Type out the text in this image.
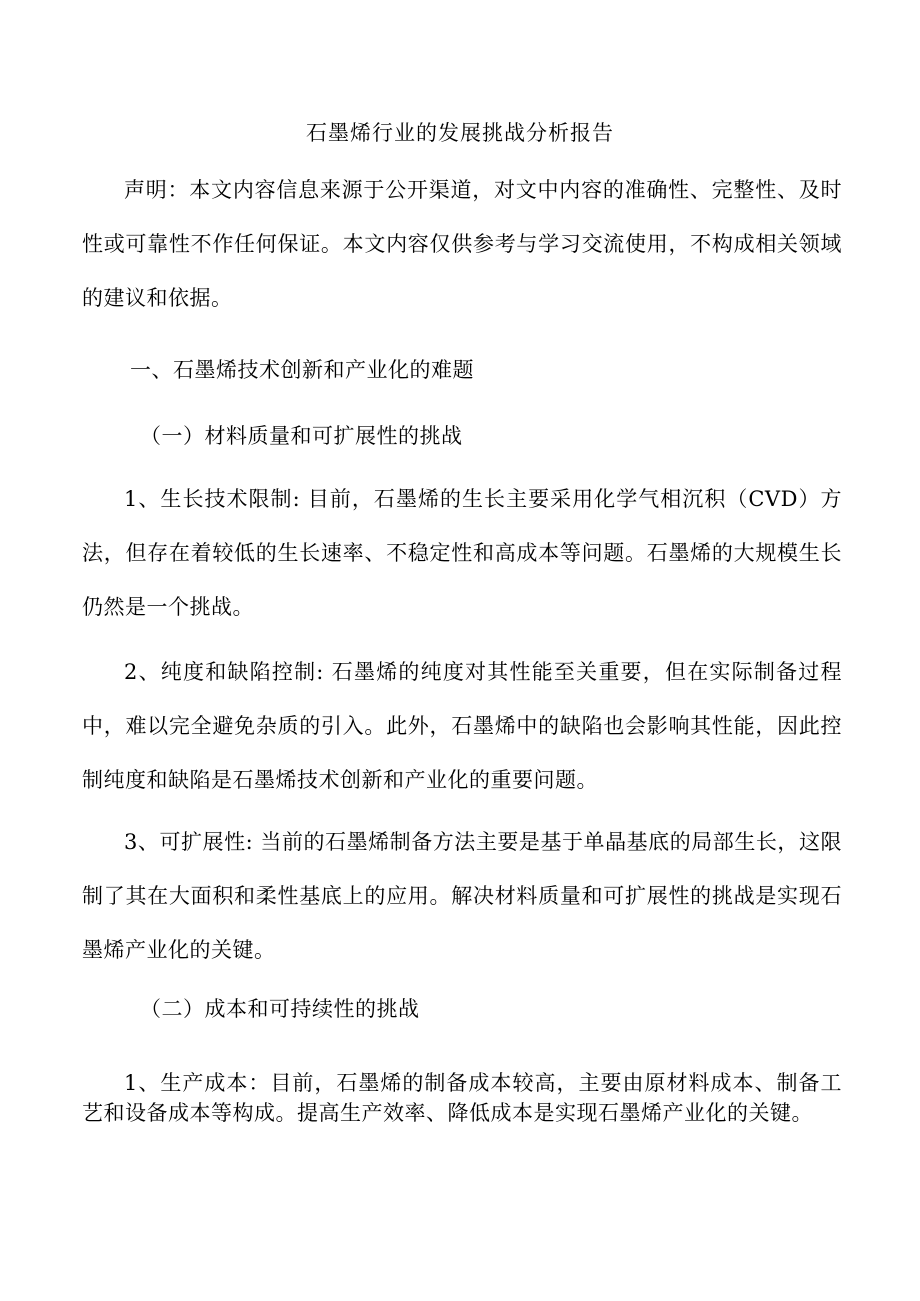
石墨烯行业的发展挑战分析报告
声明：本文内容信息来源于公开渠道，对文中内容的准确性、完整性、及时性或可靠性不作任何保证。本文内容仅供参考与学习交流使用，不构成相关领域的建议和依据。
一、石墨烯技术创新和产业化的难题
（一）材料质量和可扩展性的挑战
1、生长技术限制: 目前，石墨烯的生长主要采用化学气相沉积（CVD）方法，但存在着较低的生长速率、不稳定性和高成本等问题。石墨烯的大规模生长仍然是一个挑战。
2、纯度和缺陷控制: 石墨烯的纯度对其性能至关重要，但在实际制备过程中，难以完全避免杂质的引入。此外，石墨烯中的缺陷也会影响其性能，因此控制纯度和缺陷是石墨烯技术创新和产业化的重要问题。
3、可扩展性: 当前的石墨烯制备方法主要是基于单晶基底的局部生长，这限制了其在大面积和柔性基底上的应用。解决材料质量和可扩展性的挑战是实现石墨烯产业化的关键。
（二）成本和可持续性的挑战
1、生产成本：目前，石墨烯的制备成本较高，主要由原材料成本、制备工艺和设备成本等构成。提高生产效率、降低成本是实现石墨烯产业化的关键。
